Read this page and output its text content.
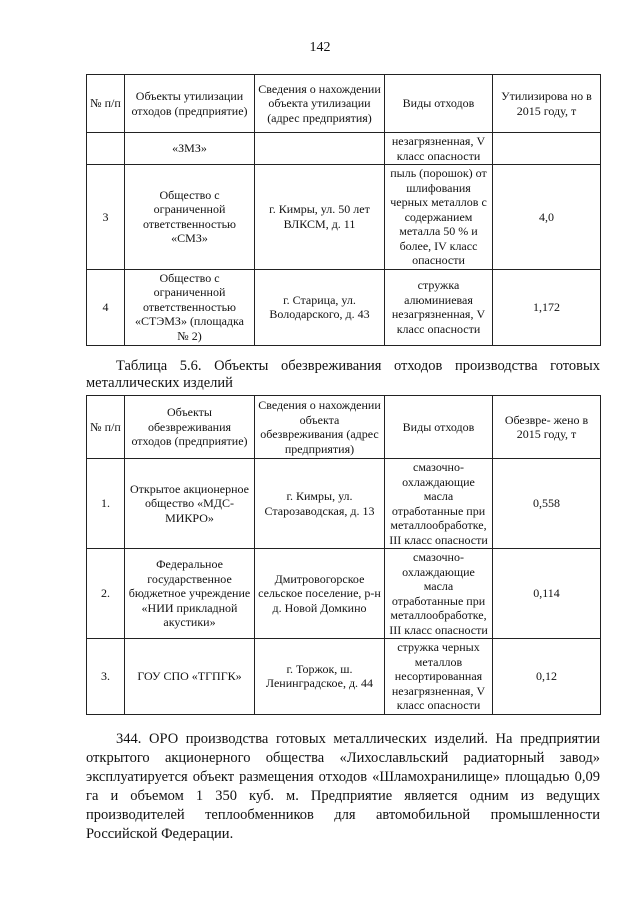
142
№ п/п	Объекты утилизации отходов (предприятие)	Сведения о нахождении объекта утилизации (адрес предприятия)	Виды отходов	Утилизирова но в 2015 году, т
	«ЗМЗ»		незагрязненная, V класс опасности	
3	Общество с ограниченной ответственностью «СМЗ»	г. Кимры, ул. 50 лет ВЛКСМ, д. 11	пыль (порошок) от шлифования черных металлов с содержанием металла 50 % и более, IV класс опасности	4,0
4	Общество с ограниченной ответственностью «СТЭМЗ» (площадка № 2)	г. Старица, ул. Володарского, д. 43	стружка алюминиевая незагрязненная, V класс опасности	1,172
Таблица 5.6. Объекты обезвреживания отходов производства готовых металлических изделий
№ п/п	Объекты обезвреживания отходов (предприятие)	Сведения о нахождении объекта обезвреживания (адрес предприятия)	Виды отходов	Обезвре- жено в 2015 году, т
1.	Открытое акционерное общество «МДС-МИКРО»	г. Кимры, ул. Старозаводская, д. 13	смазочно-охлаждающие масла отработанные при металлообработке, III класс опасности	0,558
2.	Федеральное государственное бюджетное учреждение «НИИ прикладной акустики»	Дмитровогорское сельское поселение, р-н д. Новой Домкино	смазочно-охлаждающие масла отработанные при металлообработке, III класс опасности	0,114
3.	ГОУ СПО «ТГПГК»	г. Торжок, ш. Ленинградское, д. 44	стружка черных металлов несортированная незагрязненная, V класс опасности	0,12

344. ОРО производства готовых металлических изделий. На предприятии открытого акционерного общества «Лихославльский радиаторный завод» эксплуатируется объект размещения отходов «Шламохранилище» площадью 0,09 га и объемом 1 350 куб. м. Предприятие является одним из ведущих производителей теплообменников для автомобильной промышленности Российской Федерации.
